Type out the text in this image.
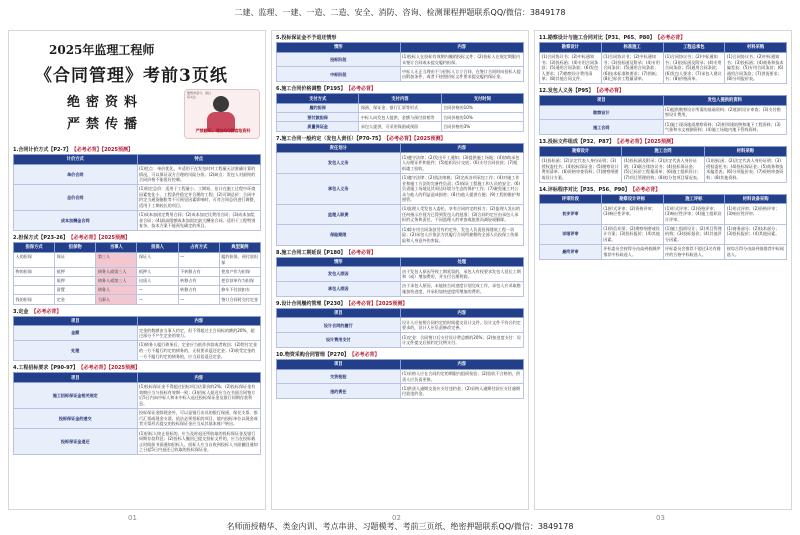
二建、监理、一建、一造、二造、安全、消防、咨询、检测课程押题联系QQ/微信：3849178
2025年监理工程师
《合同管理》考前3页纸
绝密资料
严禁传播
要想拿高分、请扫码关注
严禁翻印、请加QQ群索取资料
1.合同计价方式【P2-7】 【必考必背】【2025预测】
计价方式	特点
单价合同	(1)优点：单价优化，多适用于在发包时对工程量无法准确计算的情况，可以保证双方合理的风险分担。(2)缺点：发包人对最终的合同价格不能很好控制。
总价合同	(1)固定总价：适用于工程量小、工期短、估计在施工过程中环境因素变化小、工程条件稳定并合理的工程；(2)可调总价：合同中约定当通货膨胀等不可预见因素影响时，可对合同总价进行调整，适用于工期较长的项目。
成本加酬金合同	(1)成本加固定费用合同；(2)成本加定比费用合同；(3)成本加奖金合同；(4)最高限额成本加固定最大酬金合同。适用于工程特别复杂、技术方案不能预先确定的项目。
2.担保方式【P23-26】 【必考必背】【2025预测】
担保方式	担保物	当事人	担保人	占有方式	典型案例
人的担保	保证	第三人	保证人	—	履约担保、预付款担保
物的担保	抵押	债务人或第三人	抵押人	不转移占有	把房产作为担保
	质押	债务人或第三人	出质人	转移占有	把存款单作为担保
	留置	债务人	—	转移占有	修车不付款扣车
钱的担保	定金	当事人	—	—	签订合同时交付定金
3.定金 【必考必背】
项目	内容
金额	定金的数额由当事人约定，但不得超过主合同标的额的20%，超过部分不产生定金的效力。
处理	(1)债务人履行债务后，定金应当抵作价款或者收回；(2)给付定金的一方不履行约定的债务的，无权要求返还定金；(3)收受定金的一方不履行约定的债务的，应当双倍返还定金。
4.工程招标要求【P90-97】 【必考必背】【2025预测】
项目	内容
施工招标保证金相关规定	(1)投标保证金不得超过招标项目估算价的2%；(2)投标保证金有效期应当与投标有效期一致；(3)招标人最迟应当在书面合同签订后5日内向中标人和未中标人退还投标保证金及银行同期存款利息。
投标保证金的递交	投标保证金除现金外，可以是银行出具的银行保函、保兑支票、银行汇票或现金支票。依法必须招标的项目，境内投标单位以现金或者支票形式提交的投标保证金应当从其基本账户转出。
投标保证金退还	(1)招标人终止招标的，应当及时退还所收取的投标保证金及银行同期存款利息；(2)投标人撤回已提交投标文件的，应当在投标截止时间前书面通知招标人，招标人应当自收到投标人书面撤回通知之日起5日内退还已收取的投标保证金。
5.投标保证金不予退还情形
情形	内容
投标阶段	(1)投标人在投标有效期内撤销投标文件；(2)投标人在规定期限内未签订合同或未提交履约担保。
中标阶段	中标人无正当理由不与招标人订立合同，在签订合同时向招标人提出附加条件，或者不按照招标文件要求提交履约保证金。
6.施工合同价格调整【P195】 【必考必背】
支付方式	支付内容	支付时间
履约担保	保函、保证金、银行汇票等形式	合同价格的10%
预付款担保	中标人向发包人提供，金额与预付款相等	合同价格的10%
质量保证金	承包人提供，可采用保函或预留	合同价格的3%
7.施工合同一般约定（发包人责任）【P70-75】 【必考必背】【2025预测】
责任划分	内容
发包人义务	(1)遵守法律；(2)发出开工通知；(3)提供施工场地；(4)协助承包人办理证件和批件；(5)组织设计交底；(6)支付合同价款；(7)组织竣工验收。
承包人义务	(1)遵守法律；(2)依法纳税；(3)完成各项承包工作；(4)对施工作业和施工方法的完备性负责；(5)保证工程施工和人员的安全；(6)负责施工场地及其周边环境与生态的保护工作；(7)避免施工对公众与他人的利益造成损害；(8)为他人提供方便；(9)工程的维护和照管。
监理人职责	(1)监理人受发包人委托，享有合同约定的权力；(2)监理人发出的任何指示应视为已得到发包人的批准；(3)合同约定应由承包人承担的义务和责任，不因监理人的审查或批准而减轻或解除。
保险期限	(1)除专用合同条款另有约定外，发包人负责投保建筑工程一切险；(2)承包人应依法为其履行合同所雇佣的全部人员投保工伤保险和人身意外伤害险。
8.施工合同工期延误【P180】 【必考必背】
情形	处理
发包人原因	由于发包人原因导致工期延误的，承包人有权要求发包人延长工期和（或）增加费用，并支付合理利润。
承包人原因	由于承包人原因，未能按合同进度计划完成工作，承包人应采取措施加快进度，并承担加快进度所增加的费用。
9.设计合同履约管理【P230】 【必考必背】【2025预测】
项目	内容
设计合同的履行	设计人应按照合同约定的时间提交设计文件，设计文件不符合约定要求的，设计人应负责修改完善。
设计费用支付	(1)定金：合同签订后支付设计费总额的20%；(2)按进度支付：设计文件提交后按约定比例支付。
10.物资采购合同管理【P270】 【必考必背】
项目	内容
交货检验	(1)采购人应在合同约定的期限内组织检验；(2)验收不合格的，供货人应负责更换。
违约责任	(1)供货人逾期交货应支付违约金；(2)采购人逾期付款应支付逾期付款违约金。
11.勘察设计与施工合同对比【P31、P65、P80】 【必考必背】
勘察设计	标准施工	工程总承包	材料采购
(1)合同协议书；(2)中标通知书；(3)投标函；(4)专用合同条款；(5)通用合同条款；(6)发包人要求；(7)勘察设计费用清单；(8)其他合同文件。	(1)合同协议书；(2)中标通知书；(3)投标函及附录；(4)专用合同条款；(5)通用合同条款；(6)技术标准和要求；(7)图纸；(8)已标价工程量清单。	(1)合同协议书；(2)中标通知书；(3)投标函及附录；(4)专用合同条款；(5)通用合同条款；(6)发包人要求；(7)承包人建议书；(8)价格清单。	(1)合同协议书；(2)中标通知书；(3)投标函；(4)商务和技术偏差表；(5)专用合同条款；(6)通用合同条款；(7)供货要求；(8)分项报价表。
12.发包人义务【P95】 【必考必背】
项目	发包人提供的资料
勘察设计	(1)提供勘察设计所需的基础资料；(2)组织设计审查；(3)支付勘察设计费用。
施工合同	(1)施工现场地质勘察资料；(2)相邻建筑物和地下工程资料；(3)气象和水文观测资料；(4)施工场地内地下管线资料。
13.投标文件组成【P32、P87】 【必考必背】【2025预测】
勘察设计	施工合同	材料采购
(1)投标函；(2)法定代表人身份证明；(3)授权委托书；(4)投标保证金；(5)勘察设计费用清单；(6)资格审查资料；(7)勘察纲要或设计方案。	(1)投标函及附录；(2)法定代表人身份证明；(3)联合体协议书；(4)投标保证金；(5)已标价工程量清单；(6)施工组织设计；(7)项目管理机构；(8)拟分包项目情况表。	(1)投标函；(2)法定代表人身份证明；(3)授权委托书；(4)投标保证金；(5)商务和技术偏差表；(6)分项报价表；(7)资格审查资料；(8)其他资料。
14.评标程序对比【P35、P56、P90】 【必考必背】
评审阶段	勘察设计评标	施工评标	材料设备采购
初步评审	(1)形式评审；(2)资格评审；(3)响应性评审。	(1)形式评审；(2)资格评审；(3)响应性评审；(4)施工组织设计评审。	(1)形式评审；(2)资格评审；(3)响应性评审。
详细评审	(1)资信业绩；(2)勘察纲要或设计方案；(3)投标报价；(4)其他因素。	(1)施工组织设计；(2)项目管理机构；(3)投标报价；(4)其他评分因素。	(1)商务部分；(2)技术部分；(3)投标报价；(4)其他因素。
最终评审	评标委员会按得分由高到低顺序推荐中标候选人。	评标委员会推荐不超过3名有排序的合格中标候选人。	按综合得分由高到低推荐中标候选人。
01	02	03
名师面授精华、类金内训、考点串讲、习题模考、考前三页纸、绝密押题联系QQ/微信：3849178
